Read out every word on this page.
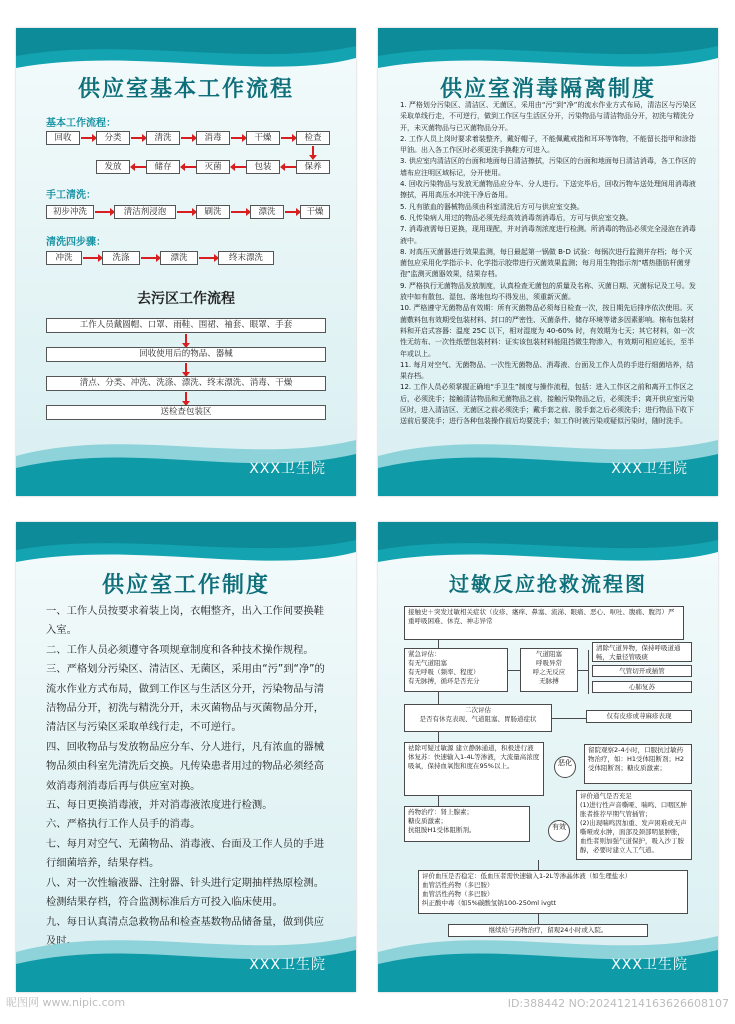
供应室基本工作流程
基本工作流程：
回收	分类	清洗	消毒	干燥	检查
发放	储存	灭菌	包装	保养
手工清洗：
初步冲洗	清洁剂浸泡	刷洗	漂洗	干燥
清洗四步骤：
冲洗	洗涤	漂洗	终末漂洗
去污区工作流程
工作人员戴圆帽、口罩、雨鞋、围裙、袖套、眼罩、手套
回收使用后的物品、器械
清点、分类、冲洗、洗涤、漂洗、终末漂洗、消毒、干燥
送检查包装区
XXX卫生院
供应室消毒隔离制度

1. 严格划分污染区、清洁区、无菌区，采用由“污”到“净”的流水作业方式布局，清洁区与污染区采取单线行走，不可逆行，做到工作区与生活区分开，污染物品与清洁物品分开，初洗与精洗分开，未灭菌物品与已灭菌物品分开。

2. 工作人员上岗时要求着装整齐，戴好帽子，不能佩戴戒指和耳环等饰物，不能留长指甲和涂指甲油。出入各工作区时必须更洗手换鞋方可进入。

3. 供应室内清洁区的台面和地面每日清洁擦拭，污染区的台面和地面每日清洁消毒，各工作区的墙布应注明区域标记，分开使用。

4. 回收污染物品与发放无菌物品应分车、分人进行。下送完毕后，回收污物车送处理间用消毒液擦拭，再用高压水冲洗干净后备用。

5. 凡有脓血的器械物品须由科室清洗后方可与供应室交换。

6. 凡传染病人用过的物品必须先经高效消毒剂消毒后，方可与供应室交换。

7. 消毒液需每日更换，现用现配，并对消毒剂浓度进行检测。所消毒的物品必须完全浸泡在消毒液中。

8. 对高压灭菌器进行效果监测，每日最起第一锅做 B-D 试验：每锅次进行监测并存档；每个灭菌包应采用化学指示卡、化学指示胶带进行灭菌效果监测；每月用生物指示剂“嗜热脂肪杆菌芽孢”监测灭菌器效果，结果存档。

9. 严格执行无菌物品发放制度，认真检查无菌包的质量及名称、灭菌日期、灭菌标记及工号。发放中如有散包、湿包、落地包均不得发出，须重新灭菌。

10. 严格遵守无菌物品有效期：所有灭菌物品必须每日检查一次，按日期先后排序依次使用。灭菌敷料包有效期受包装材料、封口的严密性、灭菌条件、储存环境等诸多因素影响。棉布包装材料和开启式容器：温度 25C 以下，相对湿度为 40-60% 时，有效期为七天；其它材料，如一次性无纺布、一次性纸塑包装材料：证实该包装材料能阻挡微生物渗入，有效期可相应延长，至半年或以上。

11. 每月对空气、无菌物品、一次性无菌物品、消毒液、台面及工作人员的手进行细菌培养，结果存档。

12. 工作人员必须掌握正确地“手卫生”制度与操作流程，包括：进入工作区之前和离开工作区之后，必须洗手；接触清洁物品和无菌物品之前，接触污染物品之后，必须洗手；离开供应室污染区时，进入清洁区、无菌区之前必须洗手；戴手套之前、脱手套之后必须洗手；进行物品下收下送前后要洗手；进行各种包装操作前后均要洗手；如工作时被污染或疑似污染时，随时洗手。

XXX卫生院
供应室工作制度

一、工作人员按要求着装上岗，衣帽整齐，出入工作间要换鞋入室。

二、工作人员必须遵守各项规章制度和各种技术操作规程。

三、严格划分污染区、清洁区、无菌区，采用由“污”到“净”的流水作业方式布局，做到工作区与生活区分开，污染物品与清洁物品分开，初洗与精洗分开，未灭菌物品与灭菌物品分开，清洁区与污染区采取单线行走，不可逆行。

四、回收物品与发放物品应分车、分人进行，凡有浓血的器械物品须由科室先清洗后交换。凡传染患者用过的物品必须经高效消毒剂消毒后再与供应室对换。

五、每日更换消毒液，并对消毒液浓度进行检测。

六、严格执行工作人员手的消毒。

七、每月对空气、无菌物品、消毒液、台面及工作人员的手进行细菌培养，结果存档。

八、对一次性输液器、注射器、针头进行定期抽样热原检测。检测结果存档，符合监测标准后方可投入临床使用。

九、每日认真清点急救物品和检查基数物品储备量，做到供应及时。

XXX卫生院
过敏反应抢救流程图
接触史＋突发过敏相关症状（皮疹、瘙痒、鼻塞、流涕、眼痛、恶心、呕吐、腹痛、腹泻）严重呼吸困难、休克、神志异常
紧急评估：
有无气道阻塞
有无呼吸（频率、程度）
有无脉搏，循环是否充分
气道阻塞
呼吸异常
呼之无反应
无脉搏
清除气道异物，保持呼吸道通畅，大量径管吸痰
气管切开或插管
心肺复苏
二次评估
是否有休克表现、气道阻塞、胃肠道症状	仅有皮疹或荨麻疹表现
祛除可疑过敏源 建立静脉通道，积极进行液体复苏：快速输入1-4L等渗液，大流量高浓度吸氧，保持血氧饱和度在95%以上。	恶化
留院观察2-4小时，口服抗过敏药物治疗，如：H1受体阻断剂；H2受体阻断剂；糖皮质激素；
药物治疗：肾上腺素；
糖皮质激素；
抗组胺H1受体阻断剂。	有效
评价通气是否充足
(1)进行性声音嘶哑、喘鸣、口咽区肿胀者推荐早期气管插管；
(2)出现喘鸣因加重、发声困难或无声嘶哑或水肿，面部及颈部明显肿胀，血性者则加强气道保护，吸入沙丁胺醇，必要时建立人工气道。
评价血压是否稳定：低血压者需快速输入1-2L等渗晶体液（如生理盐水）
血管活性药物（多巴胺）
血管活性药物（多巴胺）
纠正酸中毒（如5%碳酸氢钠100-250ml ivgtt
继续给与药物治疗，留观24小时或入院。
XXX卫生院
昵图网 www.nipic.com	ID:388442 NO:20241214163626608107
